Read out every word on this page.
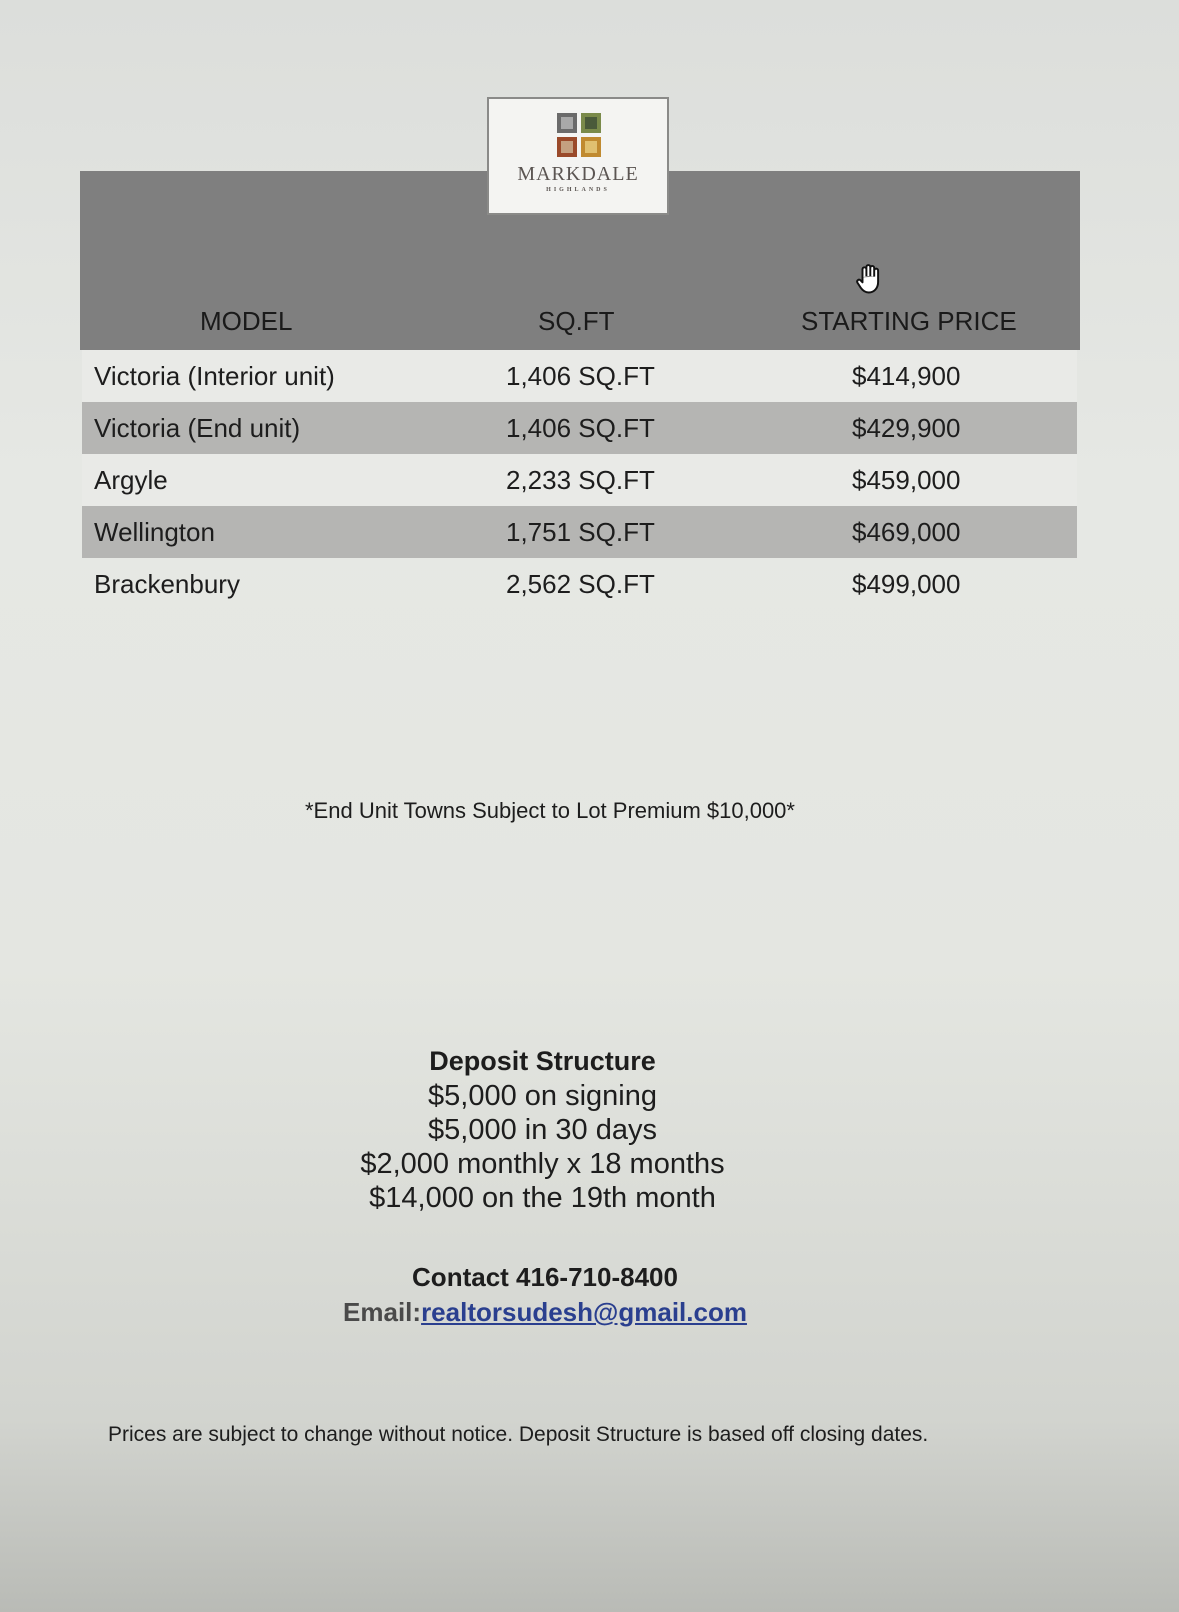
MARKDALE
HIGHLANDS
MODEL	SQ.FT	STARTING PRICE
Victoria (Interior unit)	1,406 SQ.FT	$414,900
Victoria (End unit)	1,406 SQ.FT	$429,900
Argyle	2,233 SQ.FT	$459,000
Wellington	1,751 SQ.FT	$469,000
Brackenbury	2,562 SQ.FT	$499,000
*End Unit Towns Subject to Lot Premium $10,000*
Deposit Structure
$5,000 on signing
$5,000 in 30 days
$2,000 monthly x 18 months
$14,000 on the 19th month
Contact 416-710-8400
Email:realtorsudesh@gmail.com
Prices are subject to change without notice. Deposit Structure is based off closing dates.
